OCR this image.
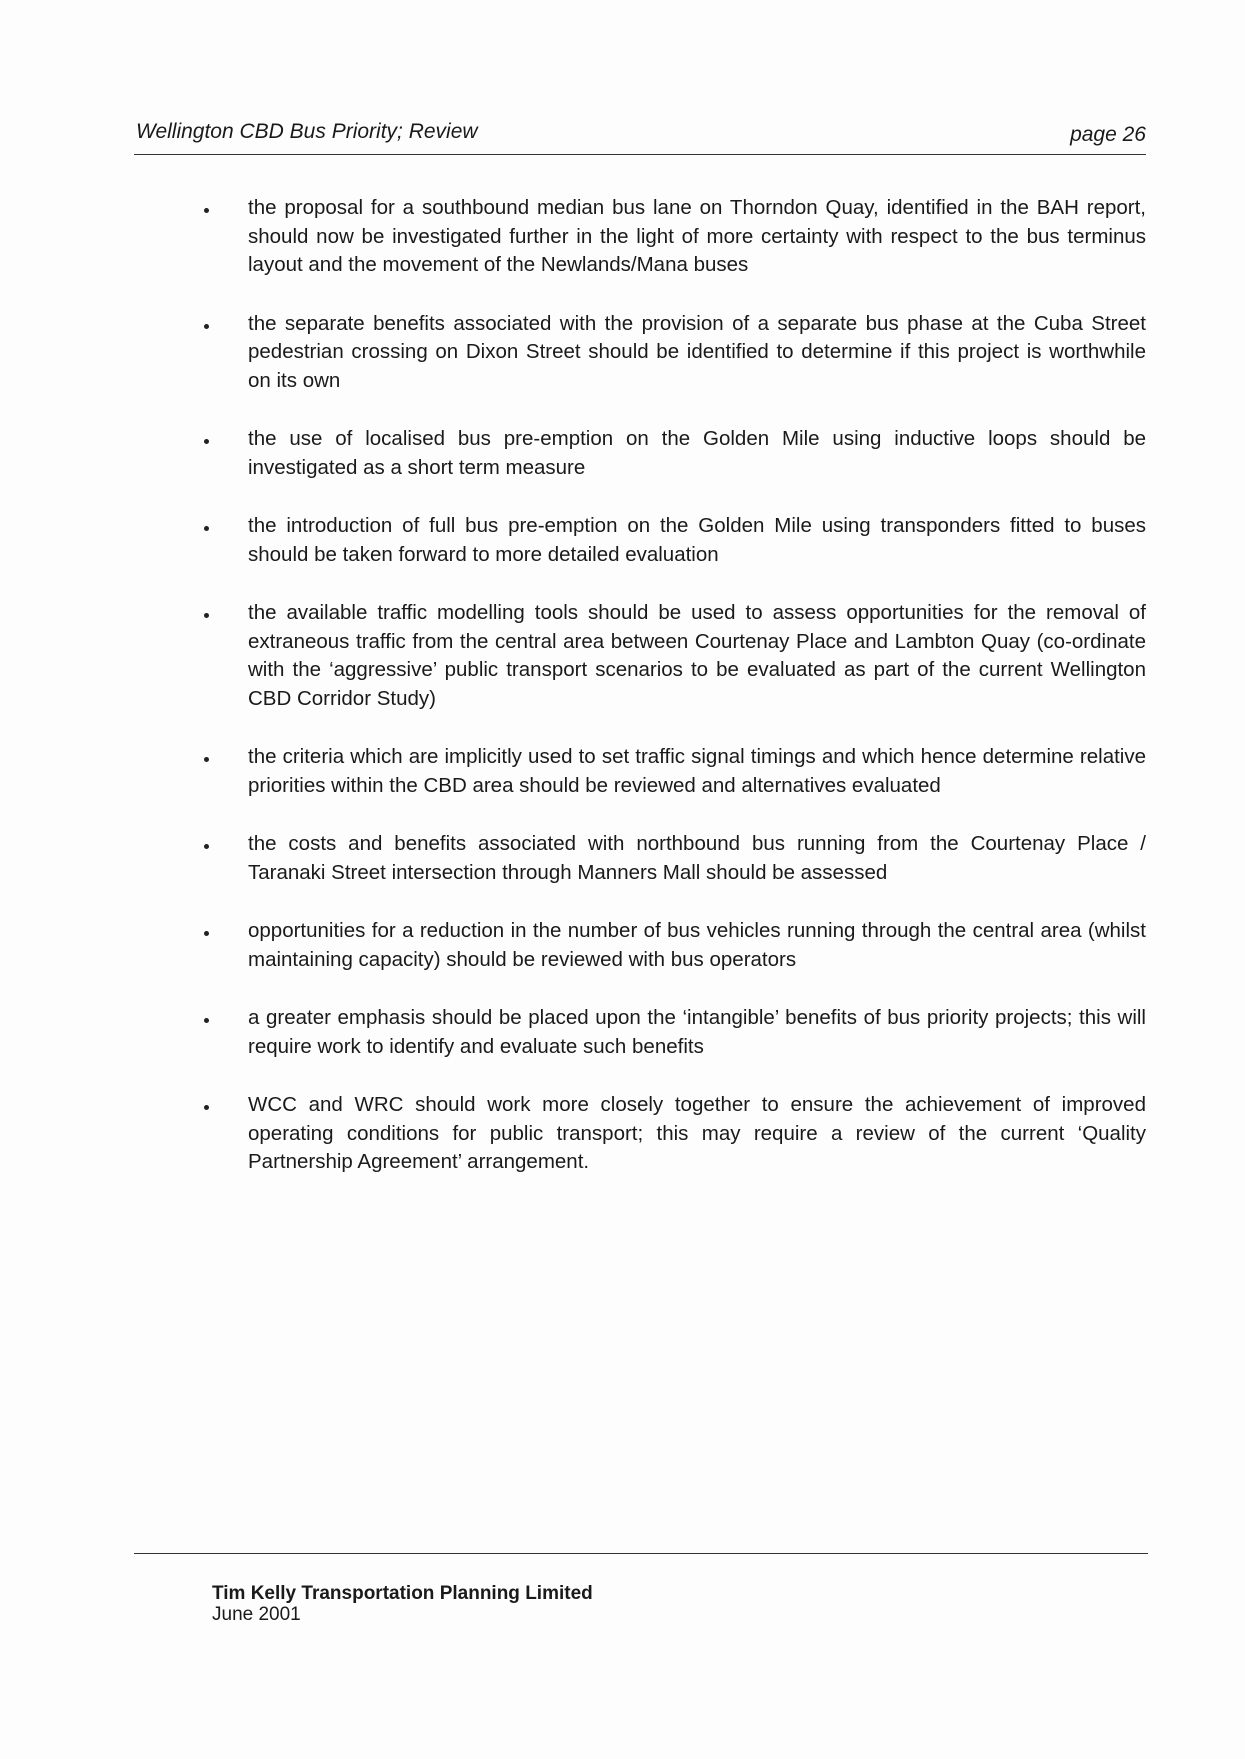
Wellington CBD Bus Priority; Review	page 26
the proposal for a southbound median bus lane on Thorndon Quay, identified in the BAH report, should now be investigated further in the light of more certainty with respect to the bus terminus layout and the movement of the Newlands/Mana buses
the separate benefits associated with the provision of a separate bus phase at the Cuba Street pedestrian crossing on Dixon Street should be identified to determine if this project is worthwhile on its own
the use of localised bus pre-emption on the Golden Mile using inductive loops should be investigated as a short term measure
the introduction of full bus pre-emption on the Golden Mile using transponders fitted to buses should be taken forward to more detailed evaluation
the available traffic modelling tools should be used to assess opportunities for the removal of extraneous traffic from the central area between Courtenay Place and Lambton Quay (co-ordinate with the ‘aggressive’ public transport scenarios to be evaluated as part of the current Wellington CBD Corridor Study)
the criteria which are implicitly used to set traffic signal timings and which hence determine relative priorities within the CBD area should be reviewed and alternatives evaluated
the costs and benefits associated with northbound bus running from the Courtenay Place / Taranaki Street intersection through Manners Mall should be assessed
opportunities for a reduction in the number of bus vehicles running through the central area (whilst maintaining capacity) should be reviewed with bus operators
a greater emphasis should be placed upon the ‘intangible’ benefits of bus priority projects; this will require work to identify and evaluate such benefits
WCC and WRC should work more closely together to ensure the achievement of improved operating conditions for public transport; this may require a review of the current ‘Quality Partnership Agreement’ arrangement.
Tim Kelly Transportation Planning Limited
June 2001
